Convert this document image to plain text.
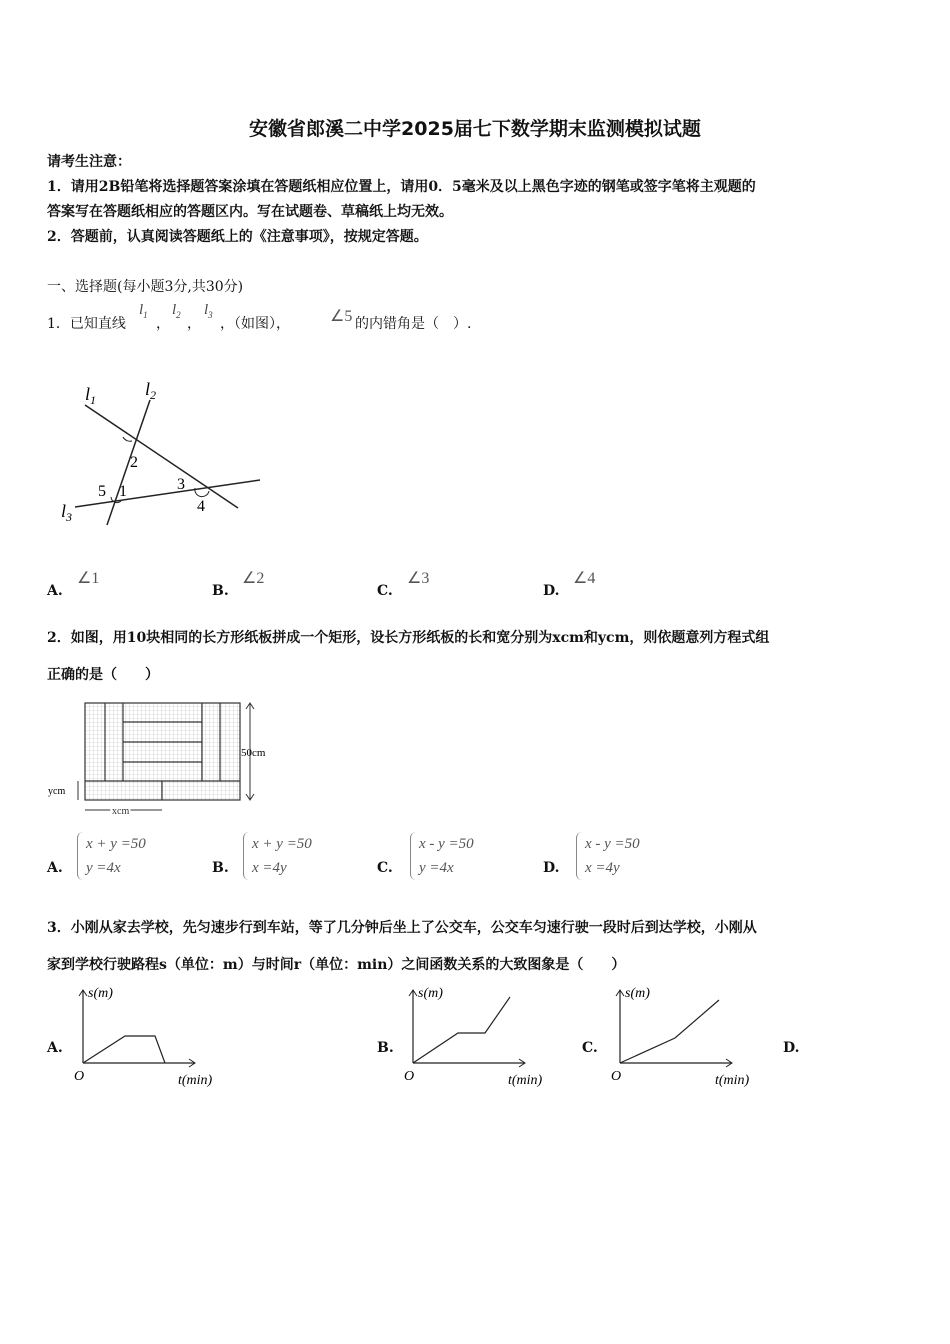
安徽省郎溪二中学2025届七下数学期末监测模拟试题
请考生注意：
1．请用2B铅笔将选择题答案涂填在答题纸相应位置上，请用0．5毫米及以上黑色字迹的钢笔或签字笔将主观题的
答案写在答题纸相应的答题区内。写在试题卷、草稿纸上均无效。
2．答题前，认真阅读答题纸上的《注意事项》，按规定答题。
一、选择题(每小题3分,共30分)
1．已知直线
$l_1$
，
$l_2$
，
$l_3$
，（如图），	∠5 的内错角是（　）.
$l_1$
$l_2$
$l_3$
2
1
5	3
4
A.
∠1
B.
∠2
C.
∠3
D.
∠4
2．如图，用10块相同的长方形纸板拼成一个矩形，设长方形纸板的长和宽分别为xcm和ycm，则依题意列方程式组
正确的是（　　）
50cm
ycm
xcm
A.
x + y =50
y =4x	B.
x + y =50
x =4y	C.
x - y =50
y =4x	D.
x - y =50
x =4y
3．小刚从家去学校，先匀速步行到车站，等了几分钟后坐上了公交车，公交车匀速行驶一段时后到达学校，小刚从
家到学校行驶路程s（单位：m）与时间r（单位：min）之间函数关系的大致图象是（　　）
A.
s(m)
t(min)
O
B.
s(m)
t(min)
O
C.
s(m)
t(min)
O
D.
